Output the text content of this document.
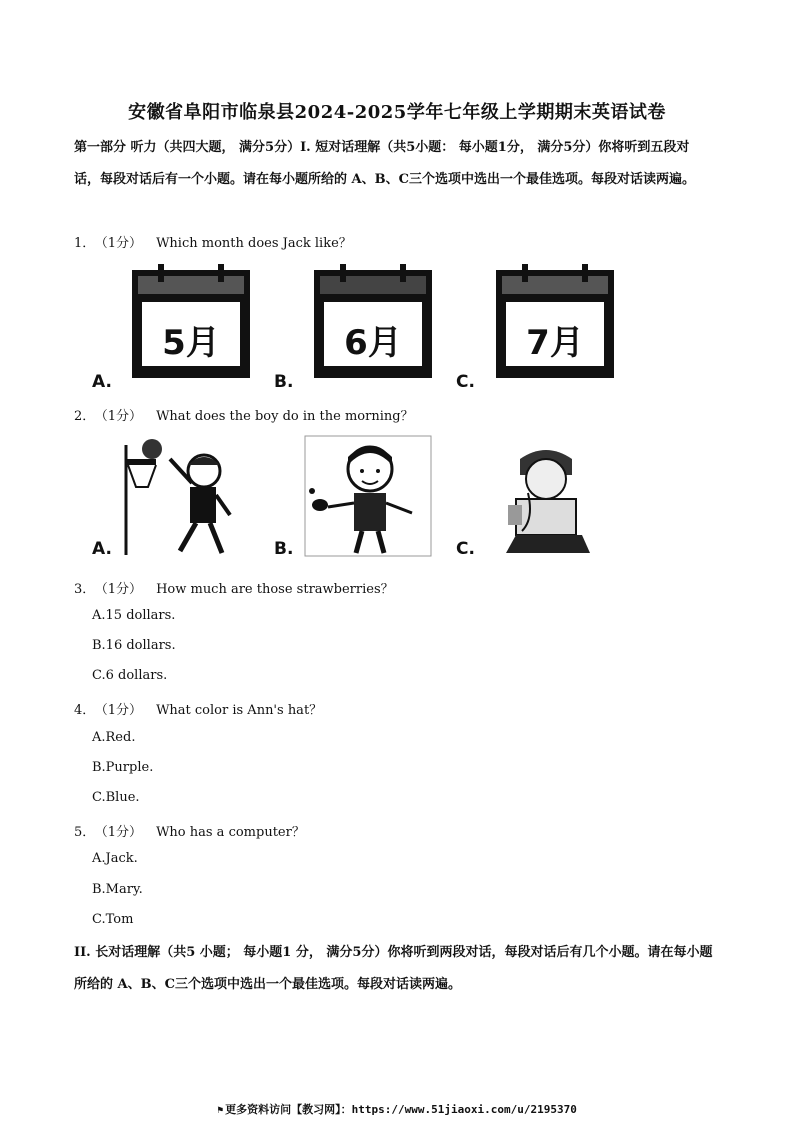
安徽省阜阳市临泉县2024-2025学年七年级上学期期末英语试卷
第一部分 听力（共四大题， 满分5分）I. 短对话理解（共5小题： 每小题1分， 满分5分）你将听到五段对话，每段对话后有一个小题。请在每小题所给的 A、B、C三个选项中选出一个最佳选项。每段对话读两遍。
1． （1分） Which month does Jack like？
5月
A.
6月
B.
7月
C.
2． （1分） What does the boy do in the morning？
A.	B.	C.
3． （1分） How much are those strawberries？
A.15 dollars.
B.16 dollars.
C.6 dollars.
4． （1分） What color is Ann's hat？
A.Red.
B.Purple.
C.Blue.
5． （1分） Who has a computer？
A.Jack.
B.Mary.
C.Tom
II. 长对话理解（共5 小题； 每小题1 分， 满分5分）你将听到两段对话，每段对话后有几个小题。请在每小题所给的 A、B、C三个选项中选出一个最佳选项。每段对话读两遍。
⚑ 更多资料访问【教习网】：https://www.51jiaoxi.com/u/2195370
